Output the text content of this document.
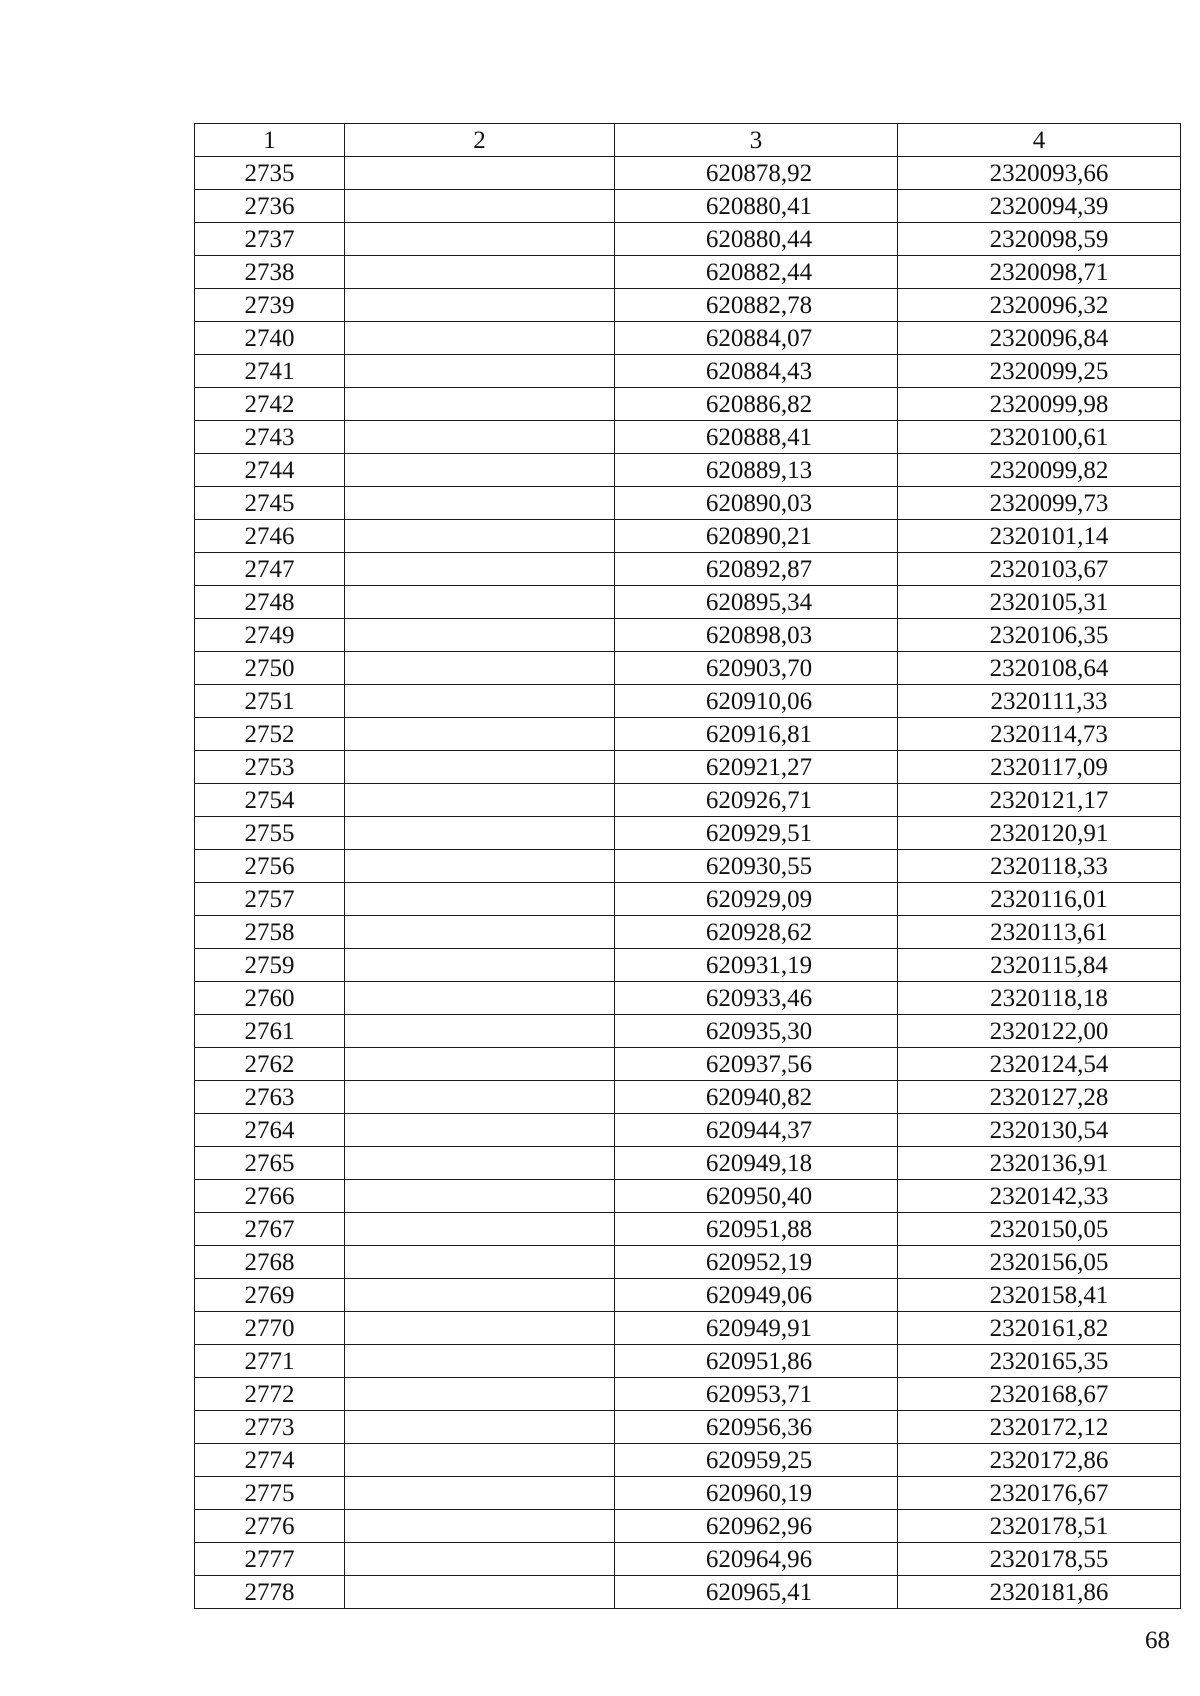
1	2	3	4
2735		620878,92	2320093,66
2736		620880,41	2320094,39
2737		620880,44	2320098,59
2738		620882,44	2320098,71
2739		620882,78	2320096,32
2740		620884,07	2320096,84
2741		620884,43	2320099,25
2742		620886,82	2320099,98
2743		620888,41	2320100,61
2744		620889,13	2320099,82
2745		620890,03	2320099,73
2746		620890,21	2320101,14
2747		620892,87	2320103,67
2748		620895,34	2320105,31
2749		620898,03	2320106,35
2750		620903,70	2320108,64
2751		620910,06	2320111,33
2752		620916,81	2320114,73
2753		620921,27	2320117,09
2754		620926,71	2320121,17
2755		620929,51	2320120,91
2756		620930,55	2320118,33
2757		620929,09	2320116,01
2758		620928,62	2320113,61
2759		620931,19	2320115,84
2760		620933,46	2320118,18
2761		620935,30	2320122,00
2762		620937,56	2320124,54
2763		620940,82	2320127,28
2764		620944,37	2320130,54
2765		620949,18	2320136,91
2766		620950,40	2320142,33
2767		620951,88	2320150,05
2768		620952,19	2320156,05
2769		620949,06	2320158,41
2770		620949,91	2320161,82
2771		620951,86	2320165,35
2772		620953,71	2320168,67
2773		620956,36	2320172,12
2774		620959,25	2320172,86
2775		620960,19	2320176,67
2776		620962,96	2320178,51
2777		620964,96	2320178,55
2778		620965,41	2320181,86
68
